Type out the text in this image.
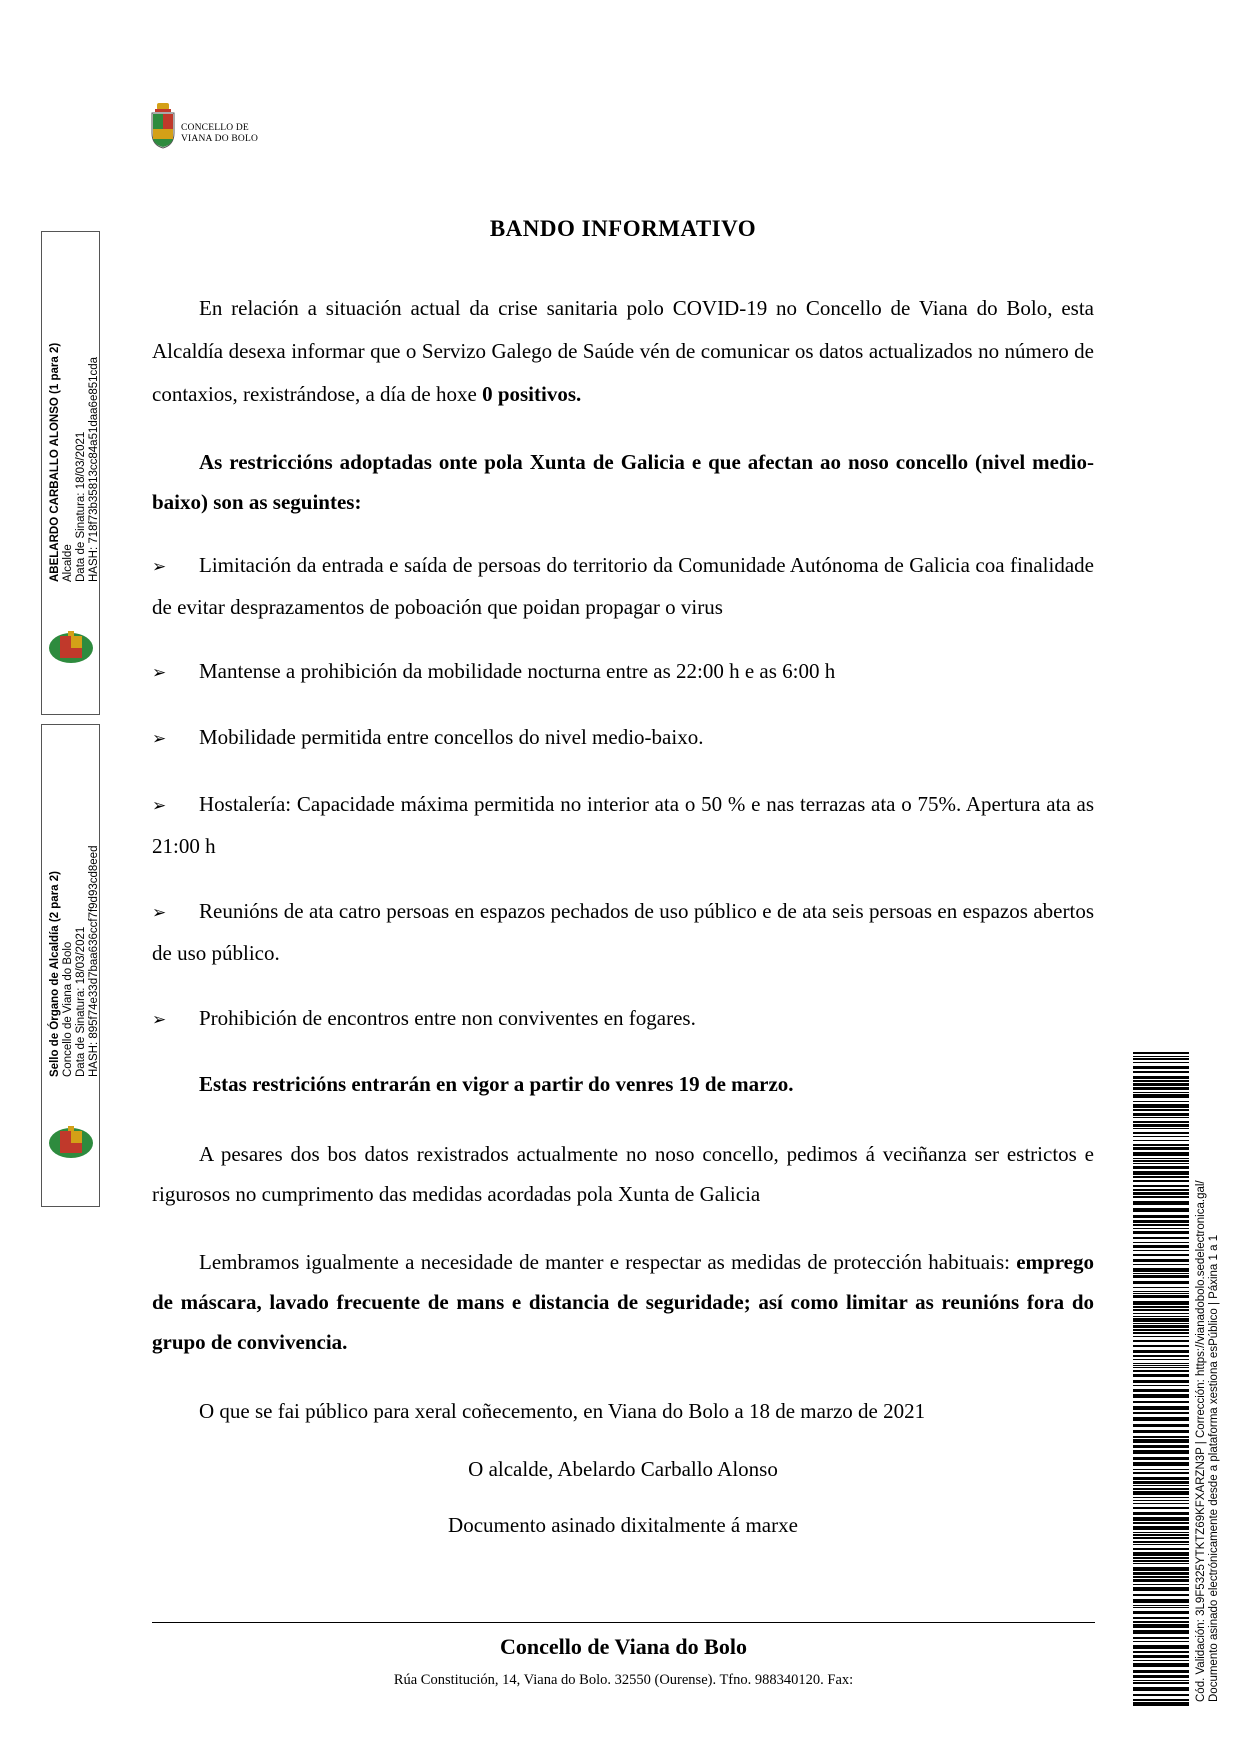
CONCELLO DE
VIANA DO BOLO
ABELARDO CARBALLO ALONSO (1 para 2) Alcalde Data de Sinatura: 18/03/2021 HASH: 718f73b35813cc84a51daa6e851cda
Sello de Órgano de Alcaldía (2 para 2) Concello de Viana do Bolo Data de Sinatura: 18/03/2021 HASH: 895f74e33d7baa636ccf7f9d93cd8eed
BANDO INFORMATIVO
En relación a situación actual da crise sanitaria polo COVID-19 no Concello de Viana do Bolo, esta Alcaldía desexa informar que o Servizo Galego de Saúde vén de comunicar os datos actualizados no número de contaxios, rexistrándose, a día de hoxe 0 positivos.
As restriccións adoptadas onte pola Xunta de Galicia e que afectan ao noso concello (nivel medio-baixo) son as seguintes:
➢ Limitación da entrada e saída de persoas do territorio da Comunidade Autónoma de Galicia coa finalidade de evitar desprazamentos de poboación que poidan propagar o virus
➢ Mantense a prohibición da mobilidade nocturna entre as 22:00 h e as 6:00 h
➢ Mobilidade permitida entre concellos do nivel medio-baixo.
➢ Hostalería: Capacidade máxima permitida no interior ata o 50 % e nas terrazas ata o 75%. Apertura ata as 21:00 h
➢ Reunións de ata catro persoas en espazos pechados de uso público e de ata seis persoas en espazos abertos de uso público.
➢ Prohibición de encontros entre non conviventes en fogares.
Estas restricións entrarán en vigor a partir do venres 19 de marzo.
A pesares dos bos datos rexistrados actualmente no noso concello, pedimos á veciñanza ser estrictos e rigurosos no cumprimento das medidas acordadas pola Xunta de Galicia
Lembramos igualmente a necesidade de manter e respectar as medidas de protección habituais: emprego de máscara, lavado frecuente de mans e distancia de seguridade; así como limitar as reunións fora do grupo de convivencia.
O que se fai público para xeral coñecemento, en Viana do Bolo a 18 de marzo de 2021
O alcalde, Abelardo Carballo Alonso
Documento asinado dixitalmente á marxe
Concello de Viana do Bolo
Rúa Constitución, 14, Viana do Bolo. 32550 (Ourense). Tfno. 988340120. Fax:	Cód. Validación: 3L9F5325YTKTZ69KFXARZN3P | Corrección: https://vianadobolo.sedelectronica.gal/ Documento asinado electrónicamente desde a plataforma xestiona esPúblico | Páxina 1 a 1
